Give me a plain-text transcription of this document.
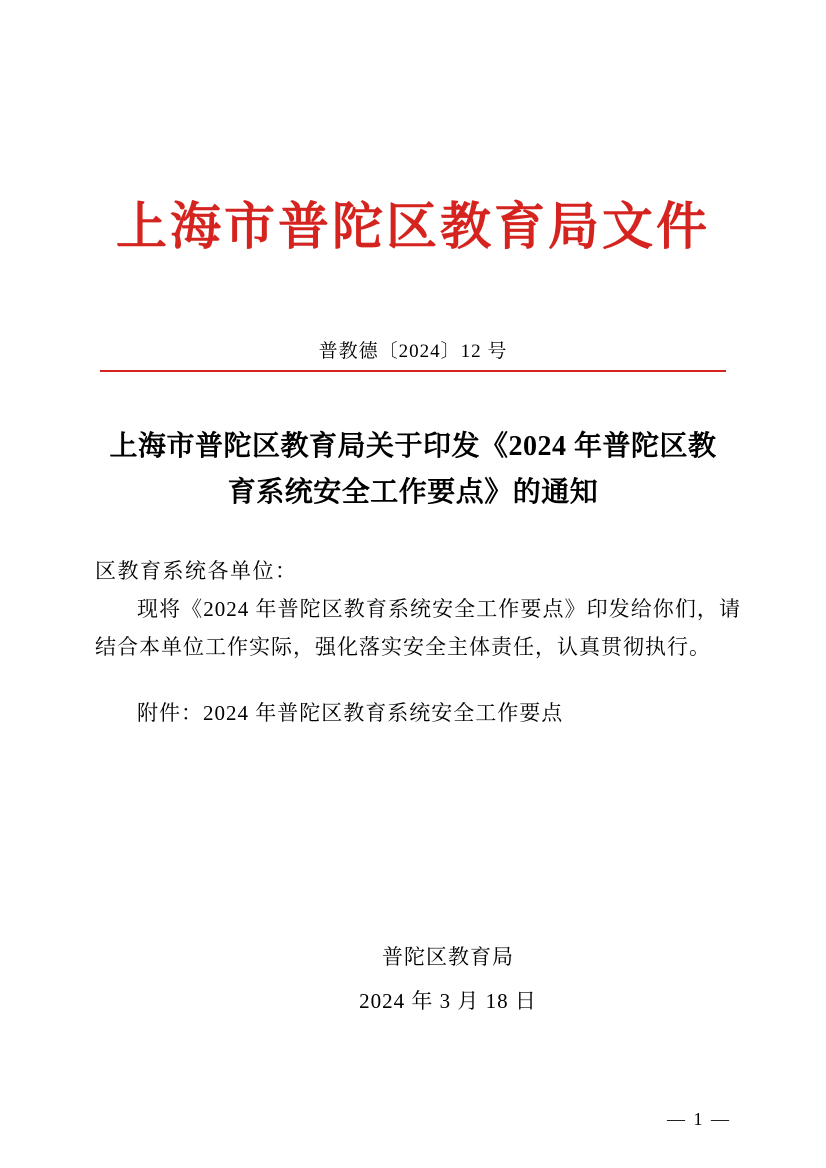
上海市普陀区教育局文件
普教德〔2024〕12 号
上海市普陀区教育局关于印发《2024 年普陀区教育系统安全工作要点》的通知
区教育系统各单位：
现将《2024 年普陀区教育系统安全工作要点》印发给你们，请结合本单位工作实际，强化落实安全主体责任，认真贯彻执行。
附件：2024 年普陀区教育系统安全工作要点
普陀区教育局
2024 年 3 月 18 日
— 1 —
